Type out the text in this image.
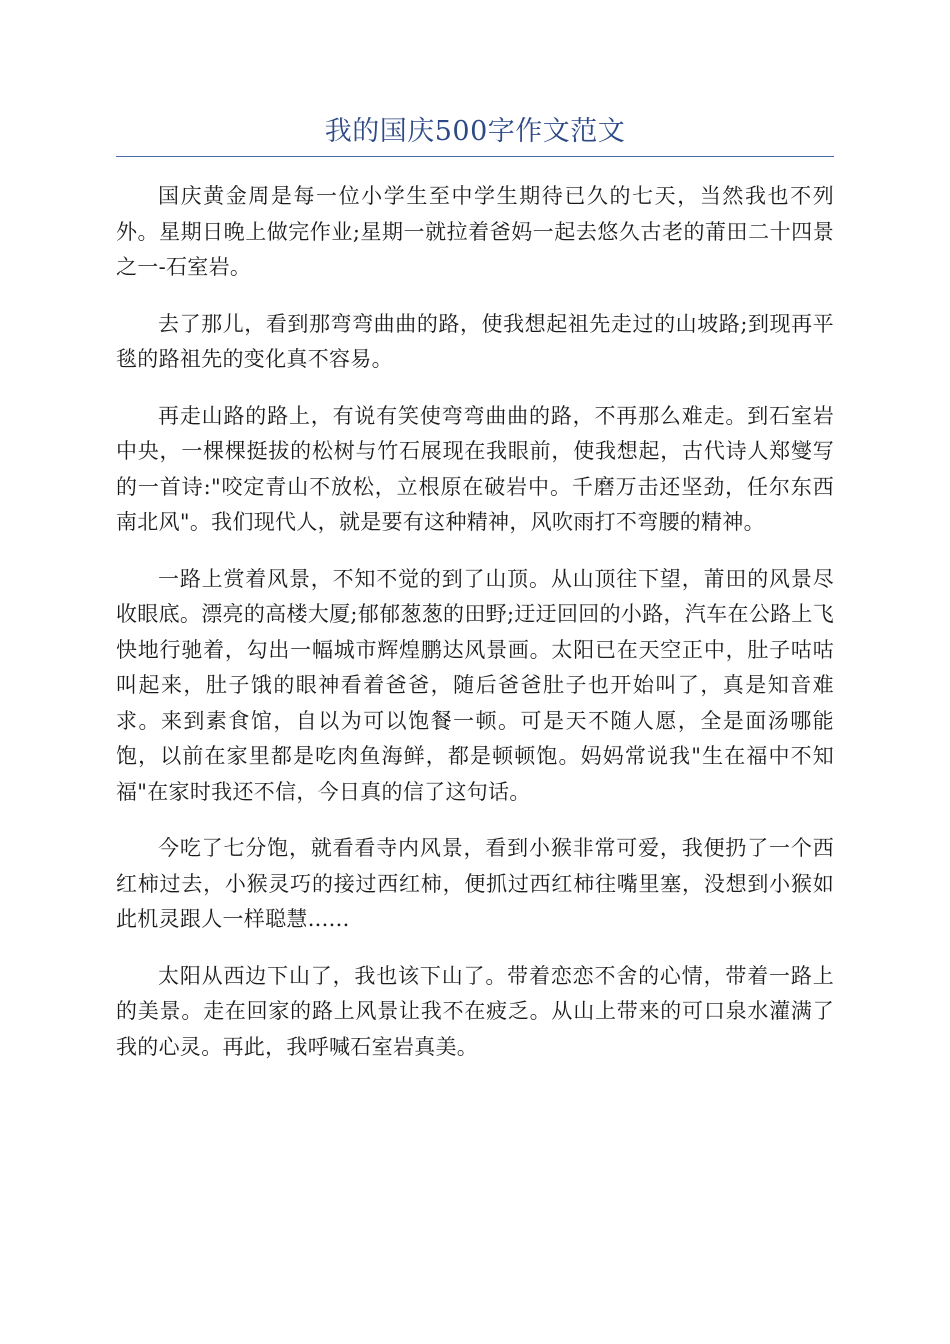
我的国庆500字作文范文

国庆黄金周是每一位小学生至中学生期待已久的七天，当然我也不列外。星期日晚上做完作业;星期一就拉着爸妈一起去悠久古老的莆田二十四景之一-石室岩。

去了那儿，看到那弯弯曲曲的路，使我想起祖先走过的山坡路;到现再平毯的路祖先的变化真不容易。

再走山路的路上，有说有笑使弯弯曲曲的路，不再那么难走。到石室岩中央，一棵棵挺拔的松树与竹石展现在我眼前，使我想起，古代诗人郑燮写的一首诗:"咬定青山不放松，立根原在破岩中。千磨万击还坚劲，任尔东西南北风"。我们现代人，就是要有这种精神，风吹雨打不弯腰的精神。

一路上赏着风景，不知不觉的到了山顶。从山顶往下望，莆田的风景尽收眼底。漂亮的高楼大厦;郁郁葱葱的田野;迂迂回回的小路，汽车在公路上飞快地行驰着，勾出一幅城市辉煌鹏达风景画。太阳已在天空正中，肚子咕咕叫起来，肚子饿的眼神看着爸爸，随后爸爸肚子也开始叫了，真是知音难求。来到素食馆，自以为可以饱餐一顿。可是天不随人愿，全是面汤哪能饱，以前在家里都是吃肉鱼海鲜，都是顿顿饱。妈妈常说我"生在福中不知福"在家时我还不信，今日真的信了这句话。

今吃了七分饱，就看看寺内风景，看到小猴非常可爱，我便扔了一个西红柿过去，小猴灵巧的接过西红柿，便抓过西红柿往嘴里塞，没想到小猴如此机灵跟人一样聪慧......

太阳从西边下山了，我也该下山了。带着恋恋不舍的心情，带着一路上的美景。走在回家的路上风景让我不在疲乏。从山上带来的可口泉水灌满了我的心灵。再此，我呼喊石室岩真美。
